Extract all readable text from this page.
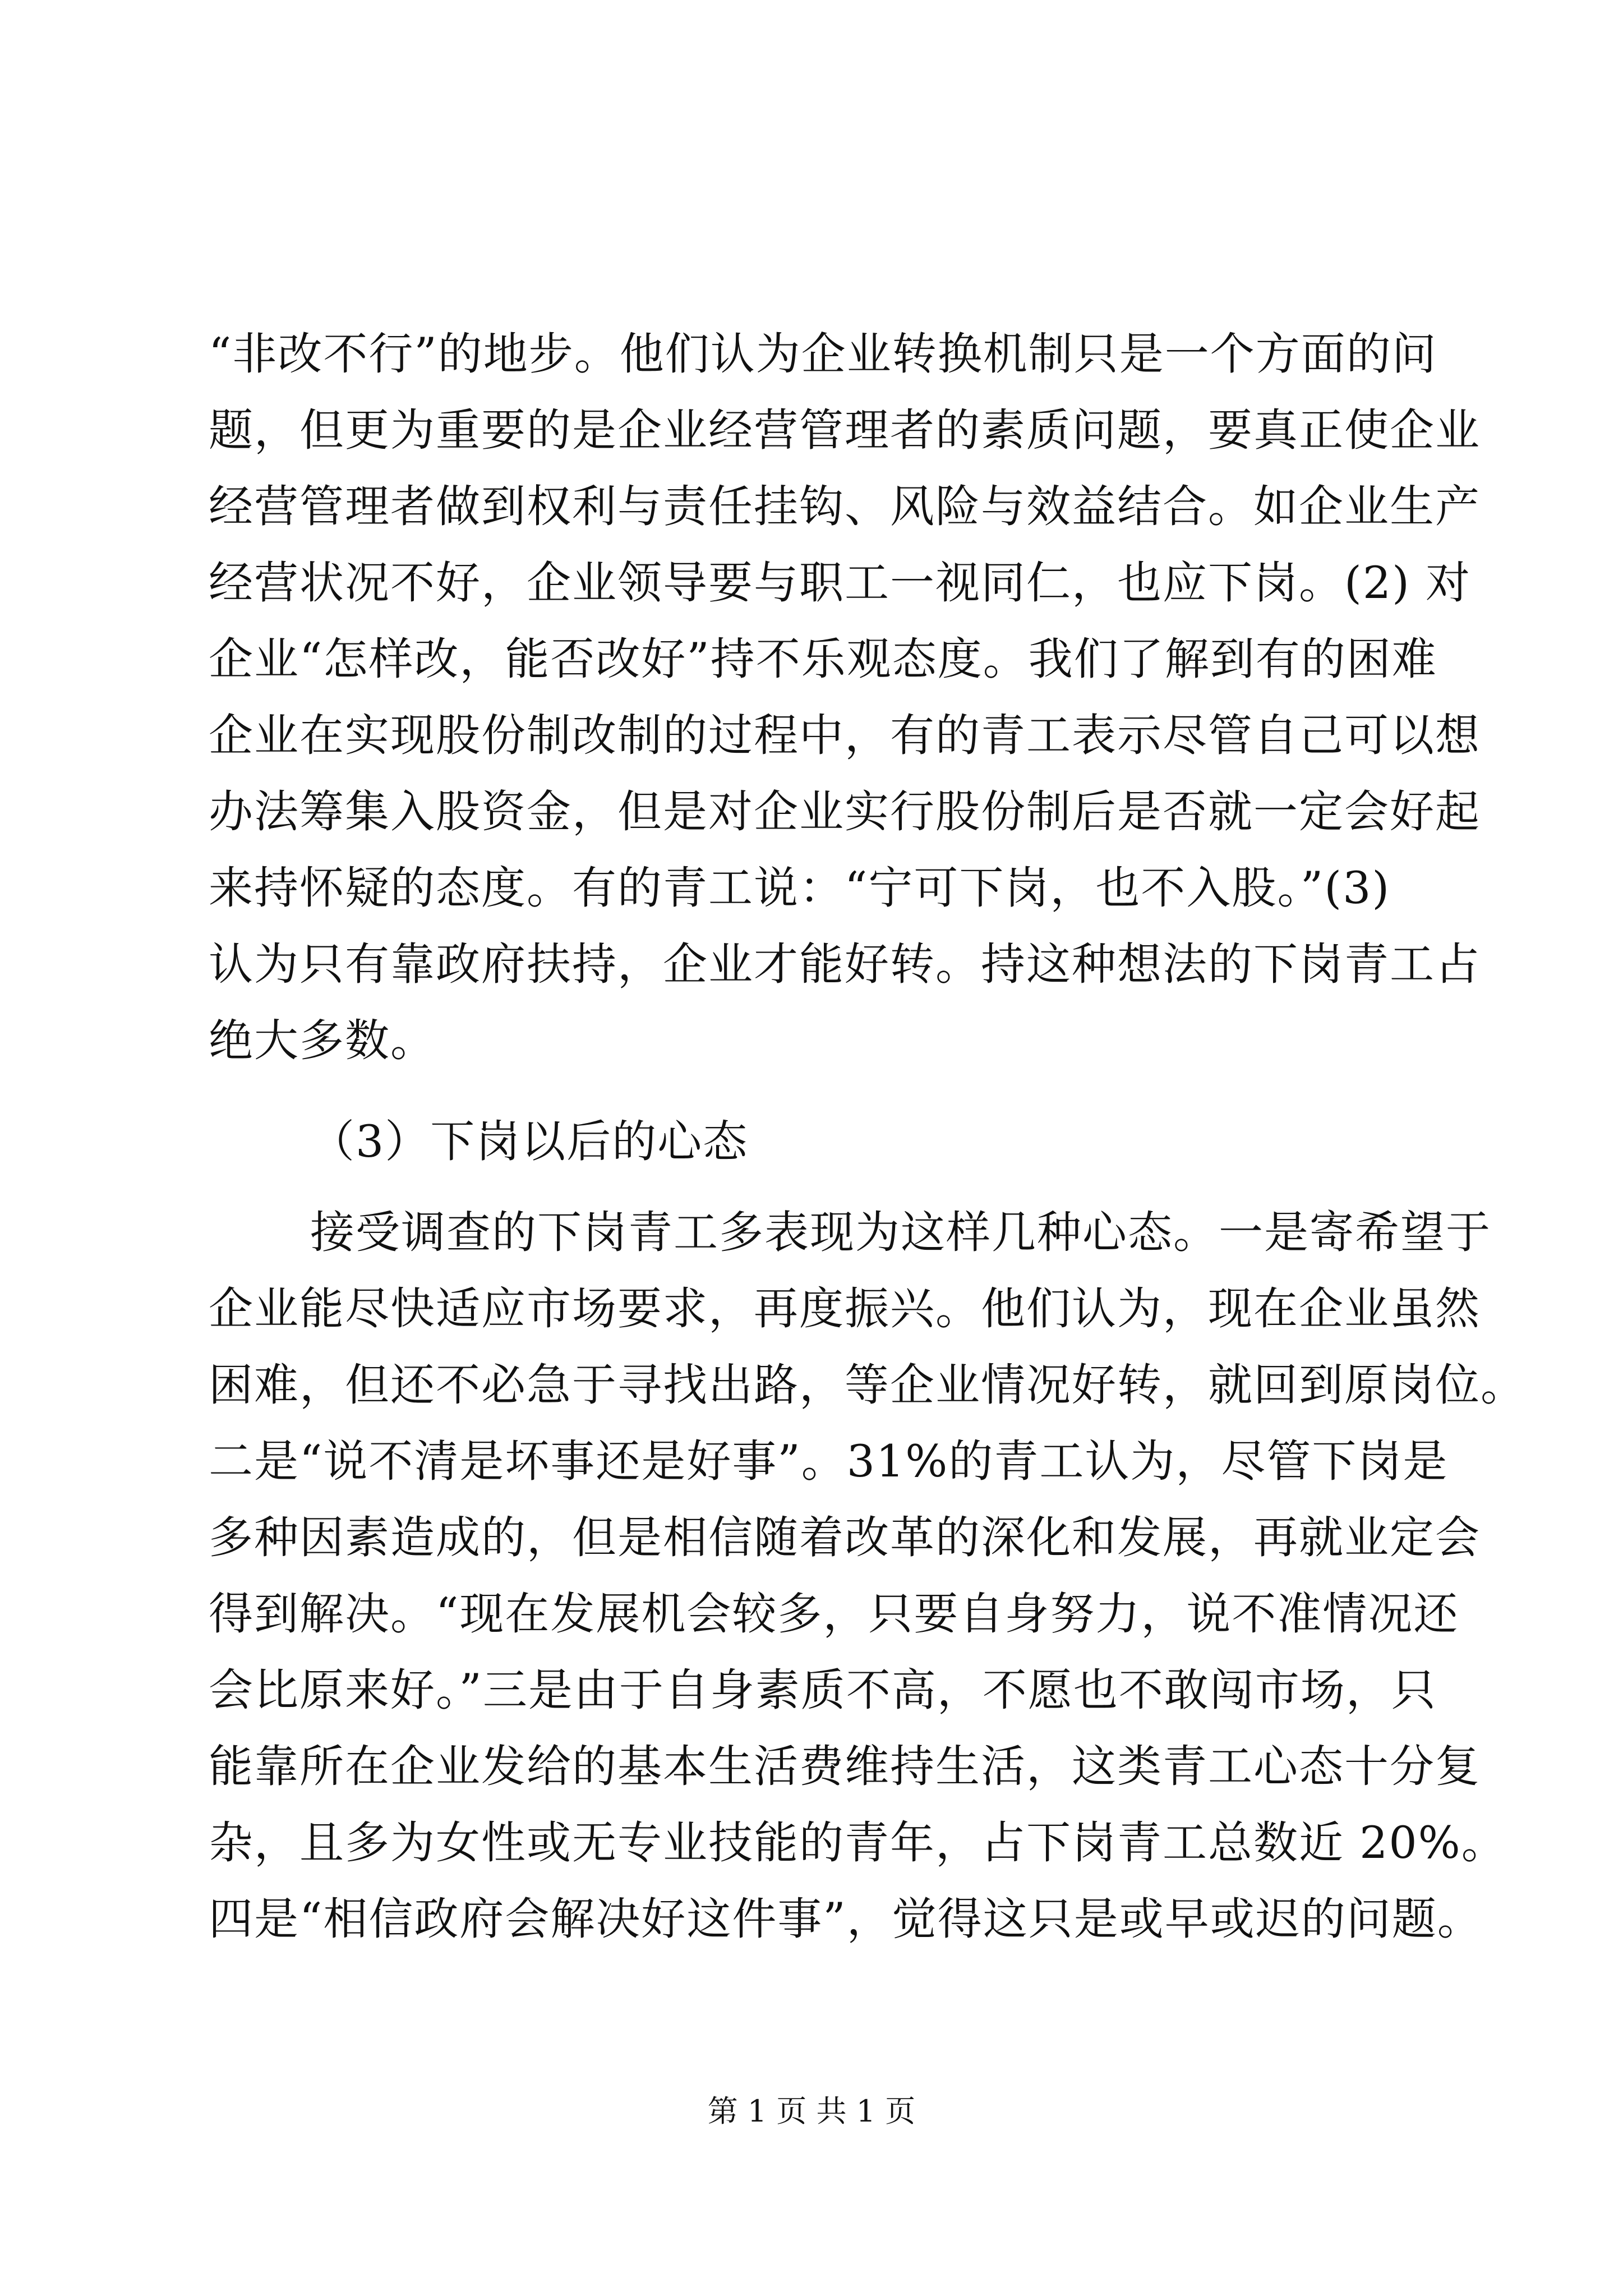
“非改不行”的地步。他们认为企业转换机制只是一个方面的问
题，但更为重要的是企业经营管理者的素质问题，要真正使企业
经营管理者做到权利与责任挂钩、风险与效益结合。如企业生产
经营状况不好，企业领导要与职工一视同仁，也应下岗。(2) 对
企业“怎样改，能否改好”持不乐观态度。我们了解到有的困难
企业在实现股份制改制的过程中，有的青工表示尽管自己可以想
办法筹集入股资金，但是对企业实行股份制后是否就一定会好起
来持怀疑的态度。有的青工说：“宁可下岗，也不入股。”(3)
认为只有靠政府扶持，企业才能好转。持这种想法的下岗青工占
绝大多数。
（3）下岗以后的心态
接受调查的下岗青工多表现为这样几种心态。一是寄希望于
企业能尽快适应市场要求，再度振兴。他们认为，现在企业虽然
困难，但还不必急于寻找出路，等企业情况好转，就回到原岗位。
二是“说不清是坏事还是好事”。31%的青工认为，尽管下岗是
多种因素造成的，但是相信随着改革的深化和发展，再就业定会
得到解决。“现在发展机会较多，只要自身努力，说不准情况还
会比原来好。”三是由于自身素质不高，不愿也不敢闯市场，只
能靠所在企业发给的基本生活费维持生活，这类青工心态十分复
杂，且多为女性或无专业技能的青年，占下岗青工总数近 20%。
四是“相信政府会解决好这件事”，觉得这只是或早或迟的问题。
第 1 页 共 1 页
